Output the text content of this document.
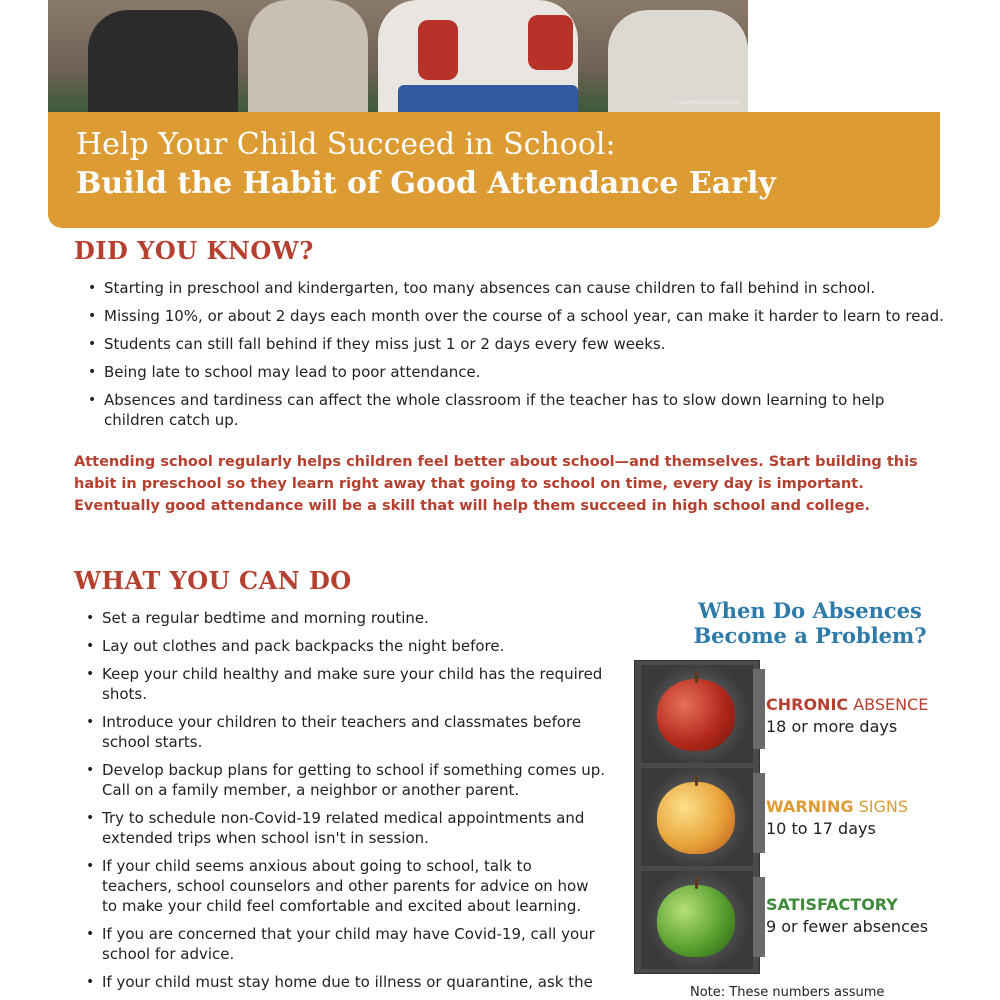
©JasonMiczekPhotography
Help Your Child Succeed in School:
Build the Habit of Good Attendance Early
DID YOU KNOW?
• Starting in preschool and kindergarten, too many absences can cause children to fall behind in school.
• Missing 10%, or about 2 days each month over the course of a school year, can make it harder to learn to read.
• Students can still fall behind if they miss just 1 or 2 days every few weeks.
• Being late to school may lead to poor attendance.
• Absences and tardiness can affect the whole classroom if the teacher has to slow down learning to help children catch up.
Attending school regularly helps children feel better about school—and themselves. Start building this habit in preschool so they learn right away that going to school on time, every day is important. Eventually good attendance will be a skill that will help them succeed in high school and college.
WHAT YOU CAN DO
• Set a regular bedtime and morning routine.
• Lay out clothes and pack backpacks the night before.
• Keep your child healthy and make sure your child has the required shots.
• Introduce your children to their teachers and classmates before school starts.
• Develop backup plans for getting to school if something comes up. Call on a family member, a neighbor or another parent.
• Try to schedule non-Covid-19 related medical appointments and extended trips when school isn't in session.
• If your child seems anxious about going to school, talk to teachers, school counselors and other parents for advice on how to make your child feel comfortable and excited about learning.
• If you are concerned that your child may have Covid-19, call your school for advice.
• If your child must stay home due to illness or quarantine, ask the
When Do Absences
Become a Problem?
CHRONIC ABSENCE
18 or more days
WARNING SIGNS
10 to 17 days
SATISFACTORY
9 or fewer absences
Note: These numbers assume
